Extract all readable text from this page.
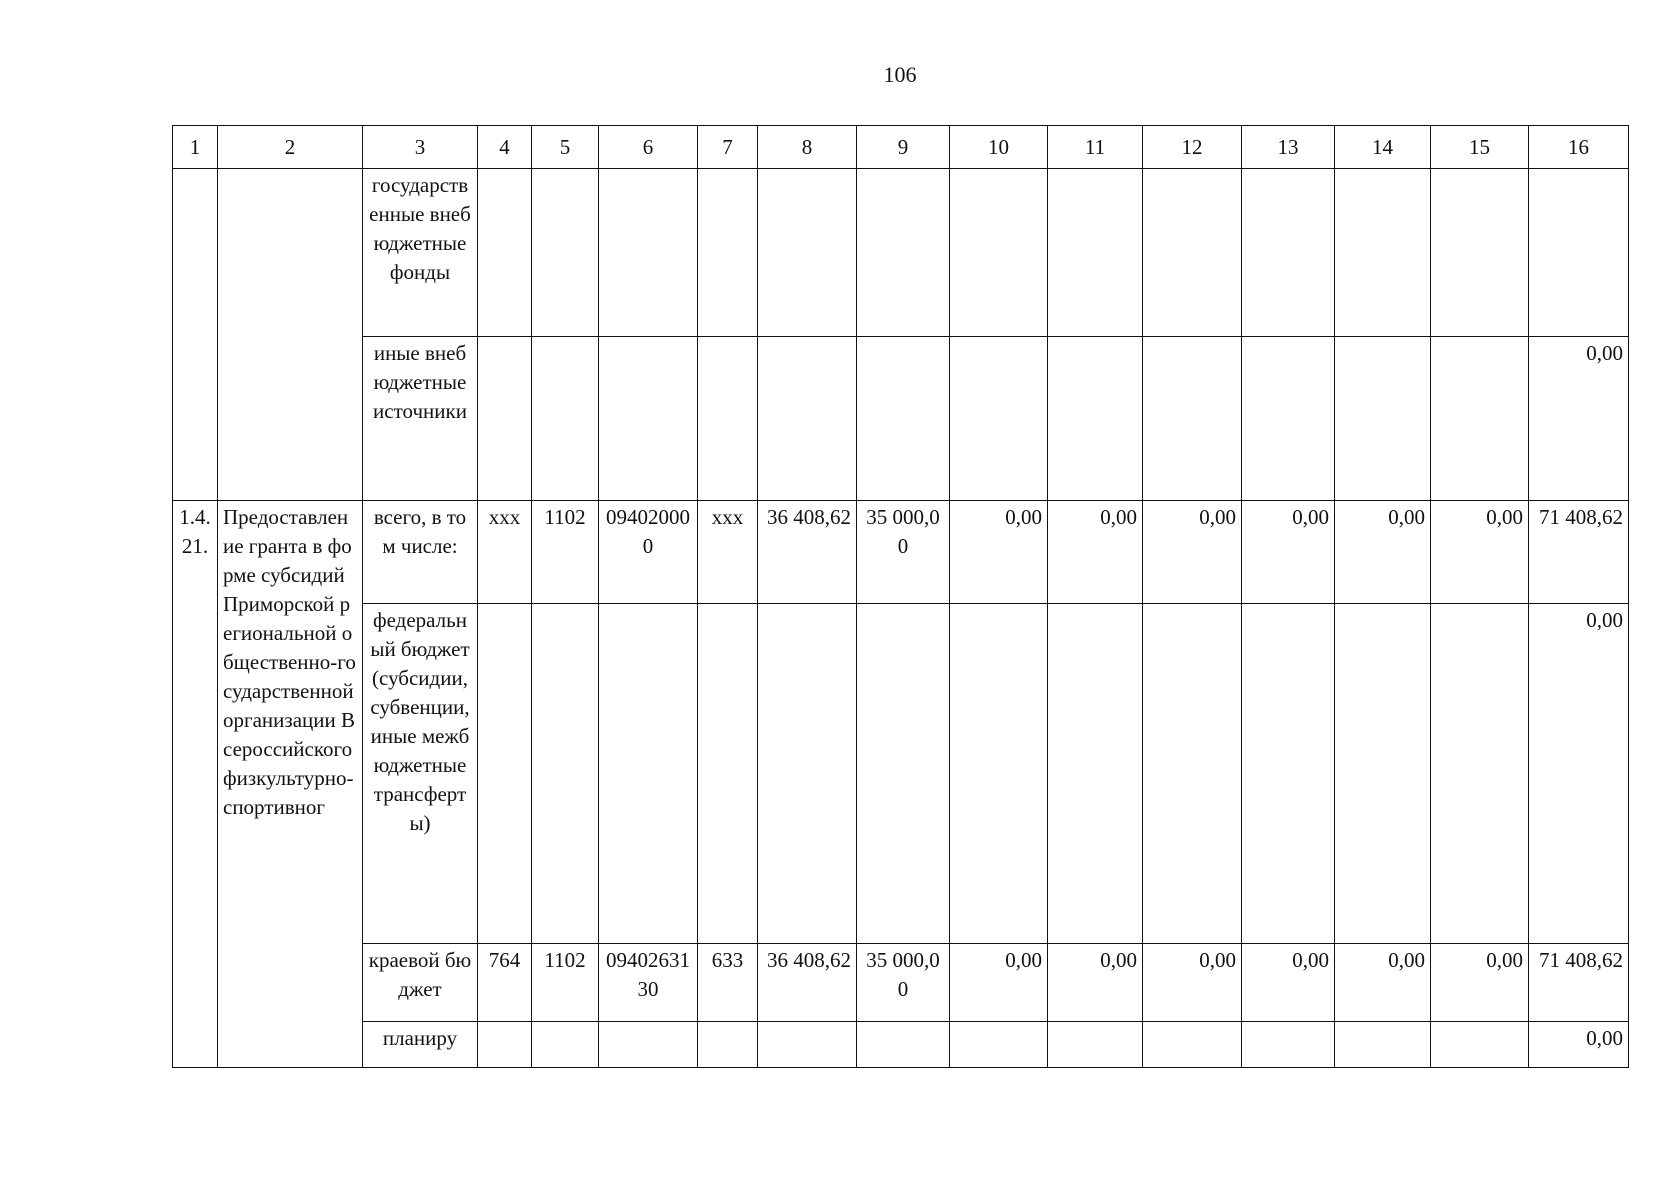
106
1	2	3	4	5	6	7	8	9	10	11	12	13	14	15	16
		государственные внебюджетные фонды													
		иные внебюджетные источники													0,00
1.4.21.	Предоставление гранта в форме субсидий Приморской региональной общественно-государственной организации Всероссийского физкультурно-спортивног	всего, в том числе:	ххх	1102	094020000	ххх	36 408,62	35 000,00	0,00	0,00	0,00	0,00	0,00	0,00	71 408,62
		федеральный бюджет (субсидии, субвенции, иные межбюджетные трансферты)													0,00
		краевой бюджет	764	1102	0940263130	633	36 408,62	35 000,00	0,00	0,00	0,00	0,00	0,00	0,00	71 408,62
		планиру													0,00
